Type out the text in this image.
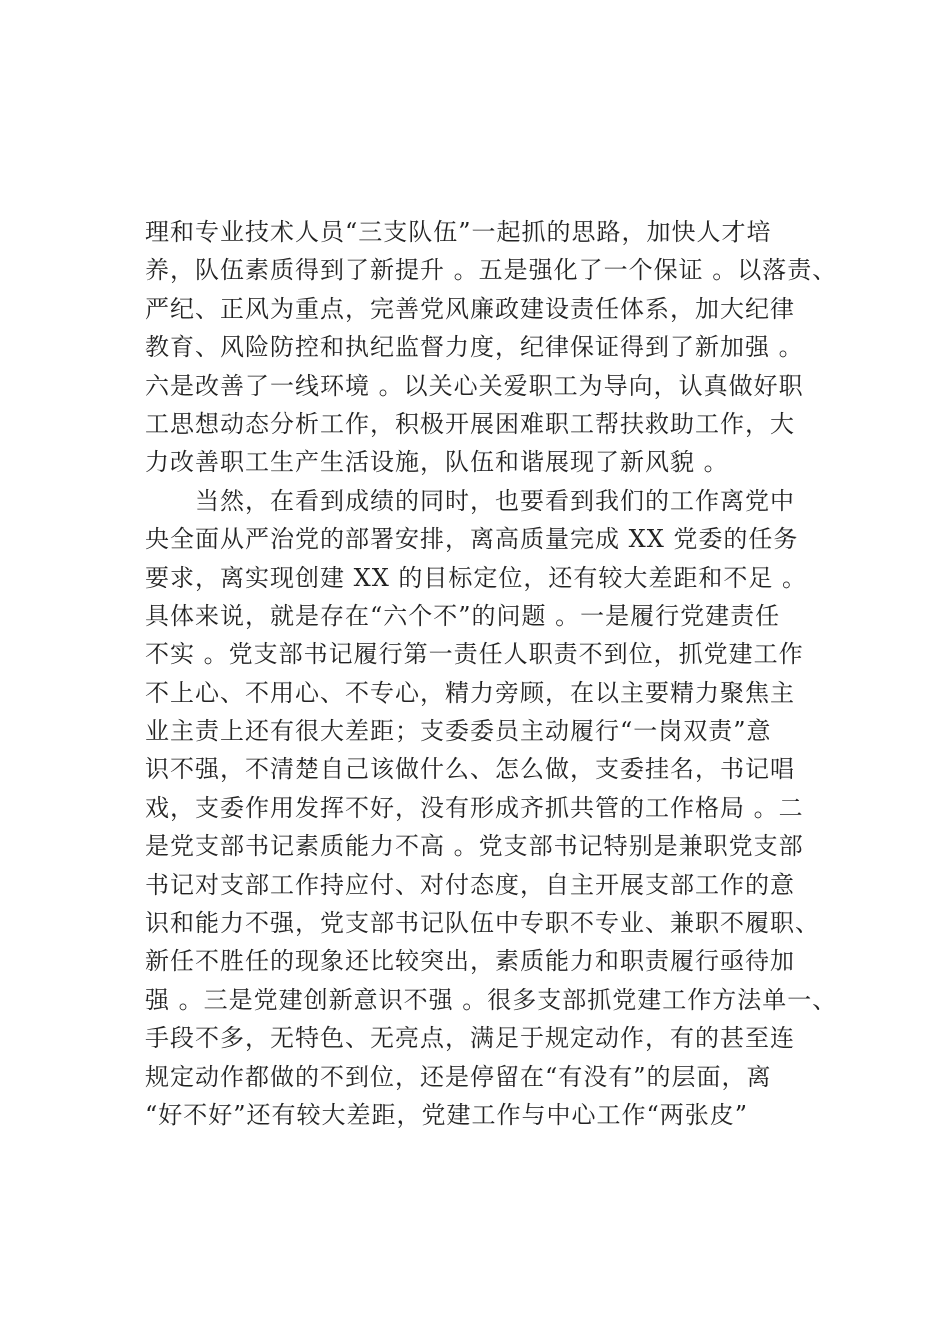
理和专业技术人员“三支队伍”一起抓的思路，加快人才培
养，队伍素质得到了新提升 。五是强化了一个保证 。以落责、
严纪、正风为重点，完善党风廉政建设责任体系，加大纪律
教育、风险防控和执纪监督力度，纪律保证得到了新加强 。
六是改善了一线环境 。以关心关爱职工为导向，认真做好职
工思想动态分析工作，积极开展困难职工帮扶救助工作，大
力改善职工生产生活设施，队伍和谐展现了新风貌 。
当然，在看到成绩的同时，也要看到我们的工作离党中
央全面从严治党的部署安排，离高质量完成 XX 党委的任务
要求，离实现创建 XX 的目标定位，还有较大差距和不足 。
具体来说，就是存在“六个不”的问题 。一是履行党建责任
不实 。党支部书记履行第一责任人职责不到位，抓党建工作
不上心、不用心、不专心，精力旁顾，在以主要精力聚焦主
业主责上还有很大差距；支委委员主动履行“一岗双责”意
识不强，不清楚自己该做什么、怎么做，支委挂名，书记唱
戏，支委作用发挥不好，没有形成齐抓共管的工作格局 。二
是党支部书记素质能力不高 。党支部书记特别是兼职党支部
书记对支部工作持应付、对付态度，自主开展支部工作的意
识和能力不强，党支部书记队伍中专职不专业、兼职不履职、
新任不胜任的现象还比较突出，素质能力和职责履行亟待加
强 。三是党建创新意识不强 。很多支部抓党建工作方法单一、
手段不多，无特色、无亮点，满足于规定动作，有的甚至连
规定动作都做的不到位，还是停留在“有没有”的层面，离
“好不好”还有较大差距，党建工作与中心工作“两张皮”
